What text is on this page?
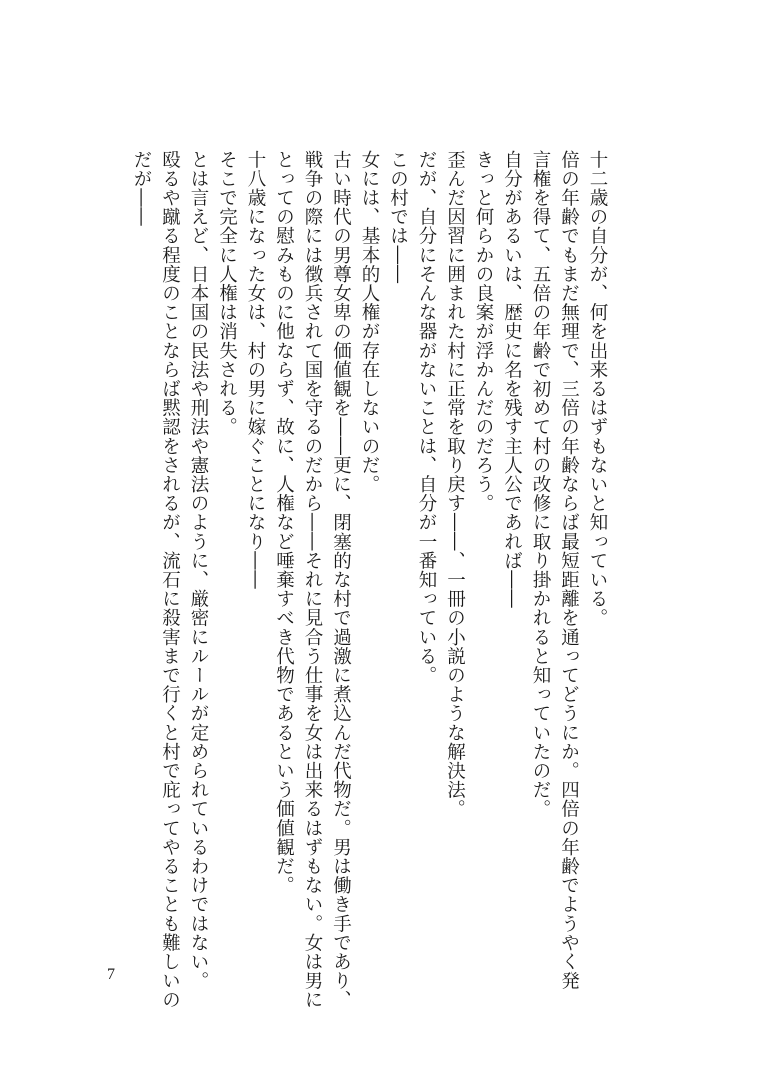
十二歳の自分が、何を出来るはずもないと知っている。

倍の年齢でもまだ無理で、三倍の年齢ならば最短距離を通ってどうにか。四倍の年齢でようやく発

言権を得て、五倍の年齢で初めて村の改修に取り掛かれると知っていたのだ。

自分があるいは、歴史に名を残す主人公であれば――

きっと何らかの良案が浮かんだのだろう。

歪んだ因習に囲まれた村に正常を取り戻す――、一冊の小説のような解決法。

だが、自分にそんな器がないことは、自分が一番知っている。

この村では――

女には、基本的人権が存在しないのだ。

古い時代の男尊女卑の価値観を――更に、閉塞的な村で過激に煮込んだ代物だ。男は働き手であり、

戦争の際には徴兵されて国を守るのだから――それに見合う仕事を女は出来るはずもない。女は男に

とっての慰みものに他ならず、故に、人権など唾棄すべき代物であるという価値観だ。

十八歳になった女は、村の男に嫁ぐことになり――

そこで完全に人権は消失される。

とは言えど、日本国の民法や刑法や憲法のように、厳密にルールが定められているわけではない。

殴るや蹴る程度のことならば黙認をされるが、流石に殺害まで行くと村で庇ってやることも難しいの

だが――

7
